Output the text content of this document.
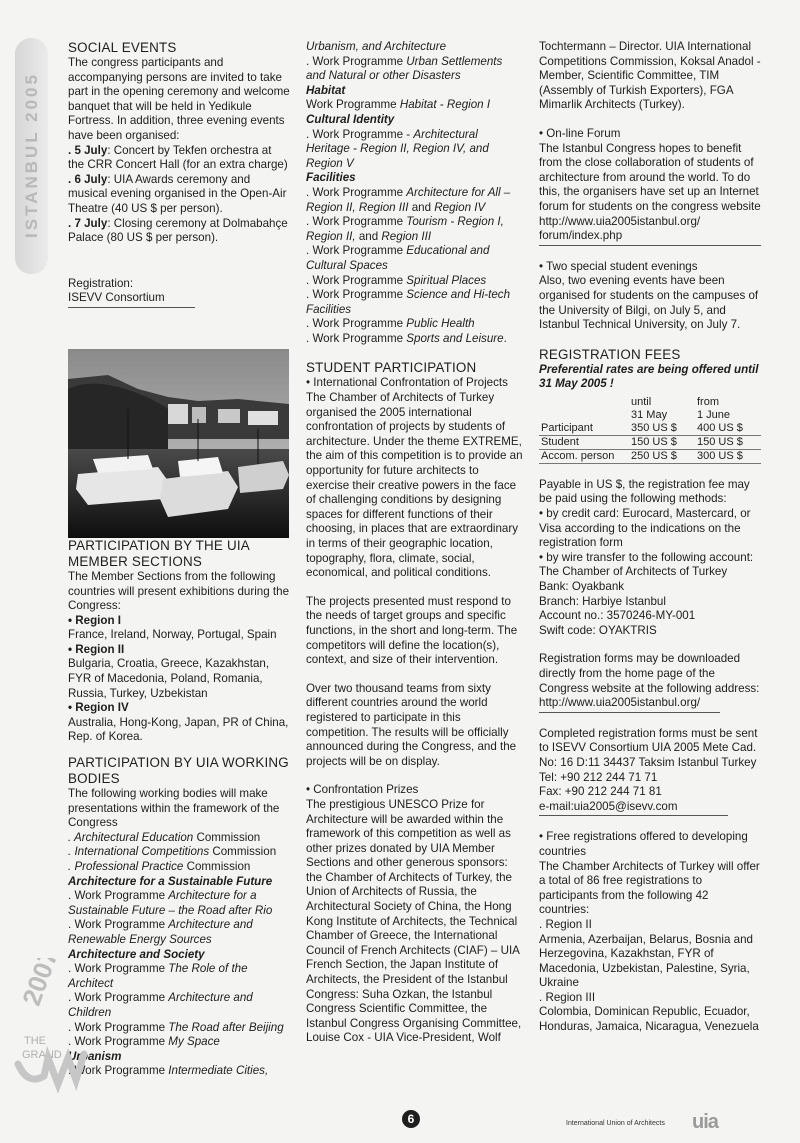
ISTANBUL 2005
SOCIAL EVENTS

The congress participants and accompanying persons are invited to take part in the opening ceremony and welcome banquet that will be held in Yedikule Fortress. In addition, three evening events have been organised:

. 5 July: Concert by Tekfen orchestra at the CRR Concert Hall (for an extra charge)

. 6 July: UIA Awards ceremony and musical evening organised in the Open-Air Theatre (40 US $ per person).

. 7 July: Closing ceremony at Dolmabahçe Palace (80 US $ per person).

Registration:

ISEVV Consortium

PARTICIPATION BY THE UIA MEMBER SECTIONS

The Member Sections from the following countries will present exhibitions during the Congress:

• Region I

France, Ireland, Norway, Portugal, Spain

• Region II

Bulgaria, Croatia, Greece, Kazakhstan, FYR of Macedonia, Poland, Romania, Russia, Turkey, Uzbekistan

• Region IV

Australia, Hong-Kong, Japan, PR of China, Rep. of Korea.

PARTICIPATION BY UIA WORKING BODIES

The following working bodies will make presentations within the framework of the Congress

. Architectural Education Commission

. International Competitions Commission

. Professional Practice Commission

Architecture for a Sustainable Future

. Work Programme Architecture for a Sustainable Future – the Road after Rio

. Work Programme Architecture and Renewable Energy Sources

Architecture and Society

. Work Programme The Role of the Architect

. Work Programme Architecture and Children

. Work Programme The Road after Beijing

. Work Programme My Space

Urbanism

. Work Programme Intermediate Cities,

Urbanism, and Architecture

. Work Programme Urban Settlements and Natural or other Disasters

Habitat

Work Programme Habitat - Region I

Cultural Identity

. Work Programme - Architectural Heritage - Region II, Region IV, and Region V

Facilities

. Work Programme Architecture for All – Region II, Region III and Region IV

. Work Programme Tourism - Region I, Region II, and Region III

. Work Programme Educational and Cultural Spaces

. Work Programme Spiritual Places

. Work Programme Science and Hi-tech Facilities

. Work Programme Public Health

. Work Programme Sports and Leisure.

STUDENT PARTICIPATION

• International Confrontation of Projects

The Chamber of Architects of Turkey organised the 2005 international confrontation of projects by students of architecture. Under the theme EXTREME, the aim of this competition is to provide an opportunity for future architects to exercise their creative powers in the face of challenging conditions by designing spaces for different functions of their choosing, in places that are extraordinary in terms of their geographic location, topography, flora, climate, social, economical, and political conditions.

The projects presented must respond to the needs of target groups and specific functions, in the short and long-term. The competitors will define the location(s), context, and size of their intervention.

Over two thousand teams from sixty different countries around the world registered to participate in this competition. The results will be officially announced during the Congress, and the projects will be on display.

• Confrontation Prizes

The prestigious UNESCO Prize for Architecture will be awarded within the framework of this competition as well as other prizes donated by UIA Member Sections and other generous sponsors: the Chamber of Architects of Turkey, the Union of Architects of Russia, the Architectural Society of China, the Hong Kong Institute of Architects, the Technical Chamber of Greece, the International Council of French Architects (CIAF) – UIA French Section, the Japan Institute of Architects, the President of the Istanbul Congress: Suha Ozkan, the Istanbul Congress Scientific Committee, the Istanbul Congress Organising Committee, Louise Cox - UIA Vice-President, Wolf

Tochtermann – Director. UIA International Competitions Commission, Koksal Anadol - Member, Scientific Committee, TIM (Assembly of Turkish Exporters), FGA Mimarlik Architects (Turkey).

• On-line Forum

The Istanbul Congress hopes to benefit from the close collaboration of students of architecture from around the world. To do this, the organisers have set up an Internet forum for students on the congress website

http://www.uia2005istanbul.org/ forum/index.php

• Two special student evenings

Also, two evening events have been organised for students on the campuses of the University of Bilgi, on July 5, and Istanbul Technical University, on July 7.

REGISTRATION FEES

Preferential rates are being offered until 31 May 2005 !

	until	from
	31 May	1 June
Participant	350 US $	400 US $
Student	150 US $	150 US $
Accom. person	250 US $	300 US $

Payable in US $, the registration fee may be paid using the following methods:

• by credit card: Eurocard, Mastercard, or Visa according to the indications on the registration form

• by wire transfer to the following account:

The Chamber of Architects of Turkey

Bank: Oyakbank

Branch: Harbiye Istanbul

Account no.: 3570246-MY-001

Swift code: OYAKTRIS

Registration forms may be downloaded directly from the home page of the Congress website at the following address:

http://www.uia2005istanbul.org/

Completed registration forms must be sent to ISEVV Consortium UIA 2005 Mete Cad. No: 16 D:11 34437 Taksim Istanbul Turkey

Tel: +90 212 244 71 71

Fax: +90 212 244 71 81

e-mail:uia2005@isevv.com

• Free registrations offered to developing countries

The Chamber Architects of Turkey will offer a total of 86 free registrations to participants from the following 42 countries:

. Region II

Armenia, Azerbaijan, Belarus, Bosnia and Herzegovina, Kazakhstan, FYR of Macedonia, Uzbekistan, Palestine, Syria, Ukraine

. Region III

Colombia, Dominican Republic, Ecuador, Honduras, Jamaica, Nicaragua, Venezuela

2007
THE
GRAND
6	International Union of Architects uia
